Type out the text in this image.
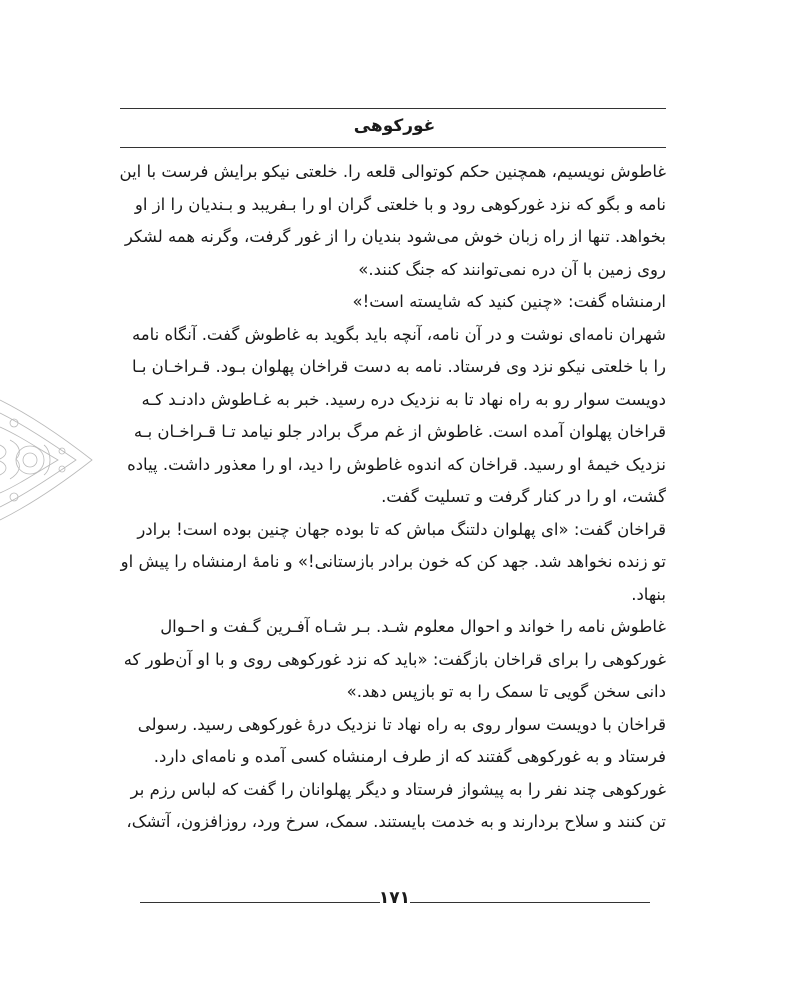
غورکوهی
غاطوش نویسیم، همچنین حکم کوتوالی قلعه را. خلعتی نیکو برایش فرست با این
نامه و بگو که نزد غورکوهی رود و با خلعتی گران او را بـفریبد و بـندیان را از او
بخواهد. تنها از راه زبان خوش می‌شود بندیان را از غور گرفت، وگرنه همه لشکر
روی زمین با آن دره نمی‌توانند که جنگ کنند.»
ارمنشاه گفت: «چنین کنید که شایسته است!»
شهران نامه‌ای نوشت و در آن نامه، آنچه باید بگوید به غاطوش گفت. آنگاه نامه
را با خلعتی نیکو نزد وی فرستاد. نامه به دست قراخان پهلوان بـود. قـراخـان بـا
دویست سوار رو به راه نهاد تا به نزدیک دره رسید. خبر به غـاطوش دادنـد کـه
قراخان پهلوان آمده است. غاطوش از غم مرگ برادر جلو نیامد تـا قـراخـان بـه
نزدیک خیمهٔ او رسید. قراخان که اندوه غاطوش را دید، او را معذور داشت. پیاده
گشت، او را در کنار گرفت و تسلیت گفت.
قراخان گفت: «ای پهلوان دلتنگ مباش که تا بوده جهان چنین بوده است! برادر
تو زنده نخواهد شد. جهد کن که خون برادر بازستانی!» و نامهٔ ارمنشاه را پیش او
بنهاد.
غاطوش نامه را خواند و احوال معلوم شـد. بـر شـاه آفـرین گـفت و احـوال
غورکوهی را برای قراخان بازگفت: «باید که نزد غورکوهی روی و با او آن‌طور که
دانی سخن گویی تا سمک را به تو بازپس دهد.»
قراخان با دویست سوار روی به راه نهاد تا نزدیک درهٔ غورکوهی رسید. رسولی
فرستاد و به غورکوهی گفتند که از طرف ارمنشاه کسی آمده و نامه‌ای دارد.
غورکوهی چند نفر را به پیشواز فرستاد و دیگر پهلوانان را گفت که لباس رزم بر
تن کنند و سلاح بردارند و به خدمت بایستند. سمک، سرخ ورد، روزافزون، آتشک،
۱۷۱
